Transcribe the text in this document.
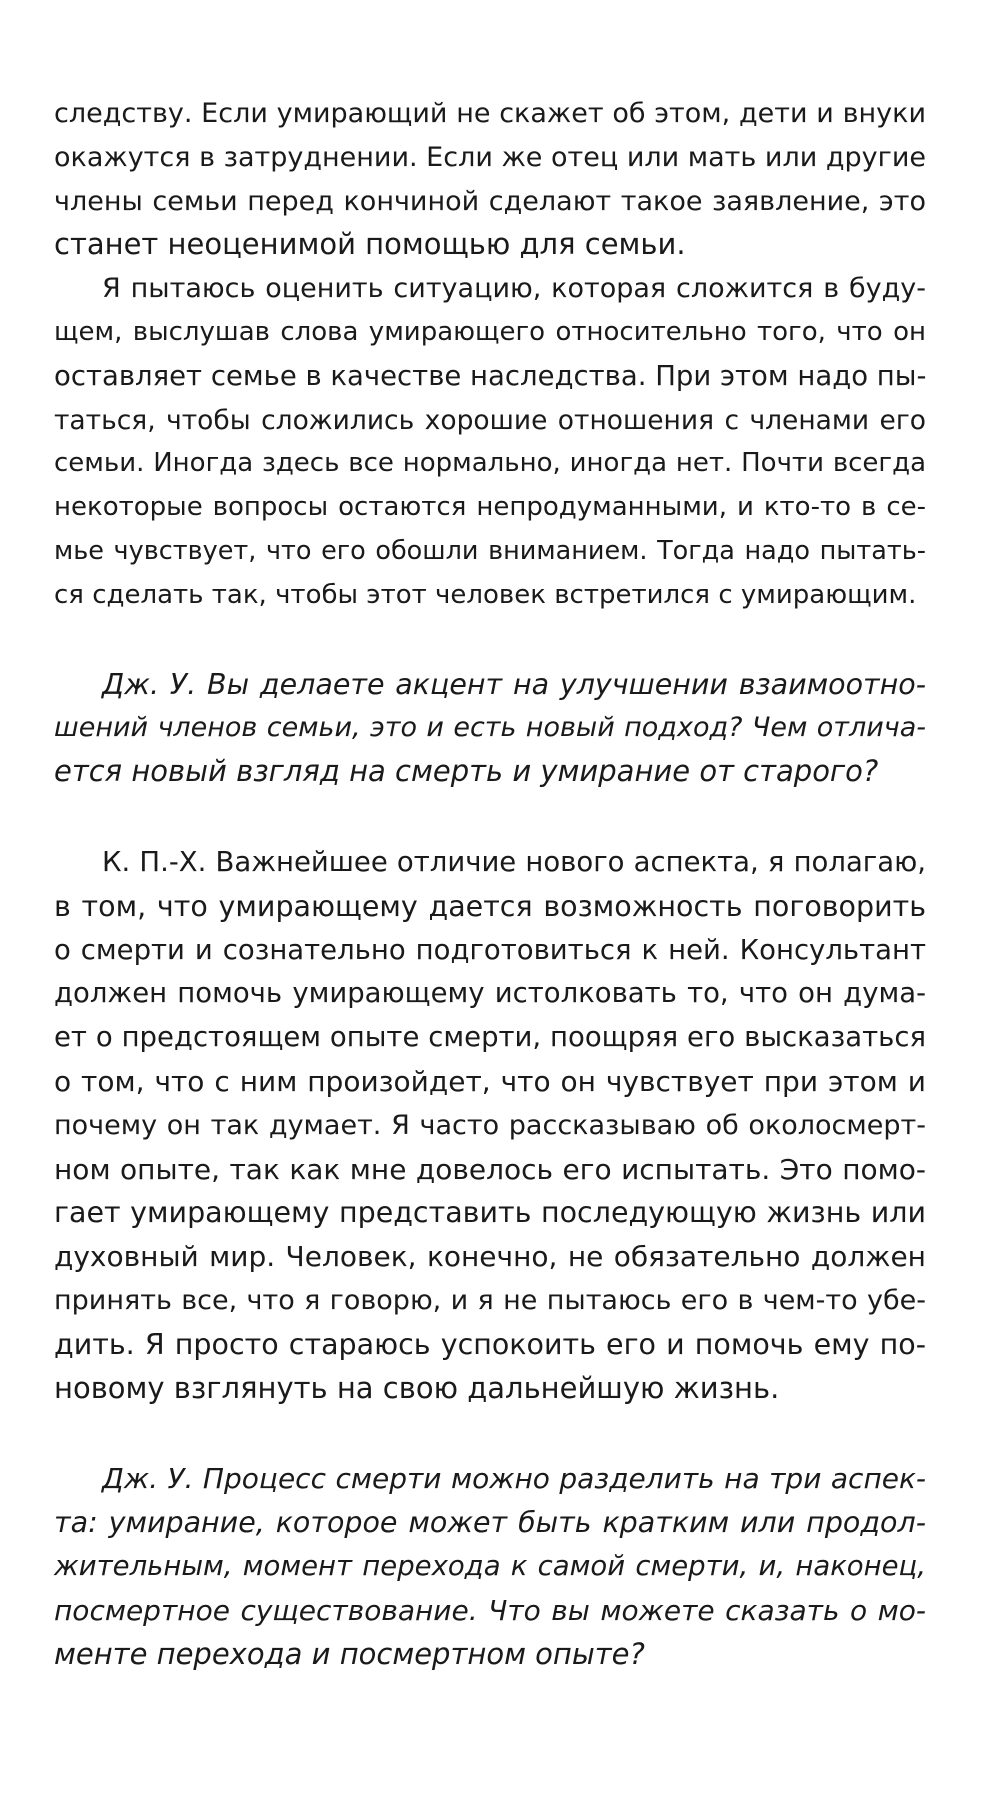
следству. Если умирающий не скажет об этом, дети и внуки
окажутся в затруднении. Если же отец или мать или другие
члены семьи перед кончиной сделают такое заявление, это
станет неоценимой помощью для семьи.
Я пытаюсь оценить ситуацию, которая сложится в буду-
щем, выслушав слова умирающего относительно того, что он
оставляет семье в качестве наследства. При этом надо пы-
таться, чтобы сложились хорошие отношения с членами его
семьи. Иногда здесь все нормально, иногда нет. Почти всегда
некоторые вопросы остаются непродуманными, и кто-то в се-
мье чувствует, что его обошли вниманием. Тогда надо пытать-
ся сделать так, чтобы этот человек встретился с умирающим.
Дж. У. Вы делаете акцент на улучшении взаимоотно-
шений членов семьи, это и есть новый подход? Чем отлича-
ется новый взгляд на смерть и умирание от старого?
К. П.-Х. Важнейшее отличие нового аспекта, я полагаю,
в том, что умирающему дается возможность поговорить
о смерти и сознательно подготовиться к ней. Консультант
должен помочь умирающему истолковать то, что он дума-
ет о предстоящем опыте смерти, поощряя его высказаться
о том, что с ним произойдет, что он чувствует при этом и
почему он так думает. Я часто рассказываю об околосмерт-
ном опыте, так как мне довелось его испытать. Это помо-
гает умирающему представить последующую жизнь или
духовный мир. Человек, конечно, не обязательно должен
принять все, что я говорю, и я не пытаюсь его в чем-то убе-
дить. Я просто стараюсь успокоить его и помочь ему по-
новому взглянуть на свою дальнейшую жизнь.
Дж. У. Процесс смерти можно разделить на три аспек-
та: умирание, которое может быть кратким или продол-
жительным, момент перехода к самой смерти, и, наконец,
посмертное существование. Что вы можете сказать о мо-
менте перехода и посмертном опыте?
